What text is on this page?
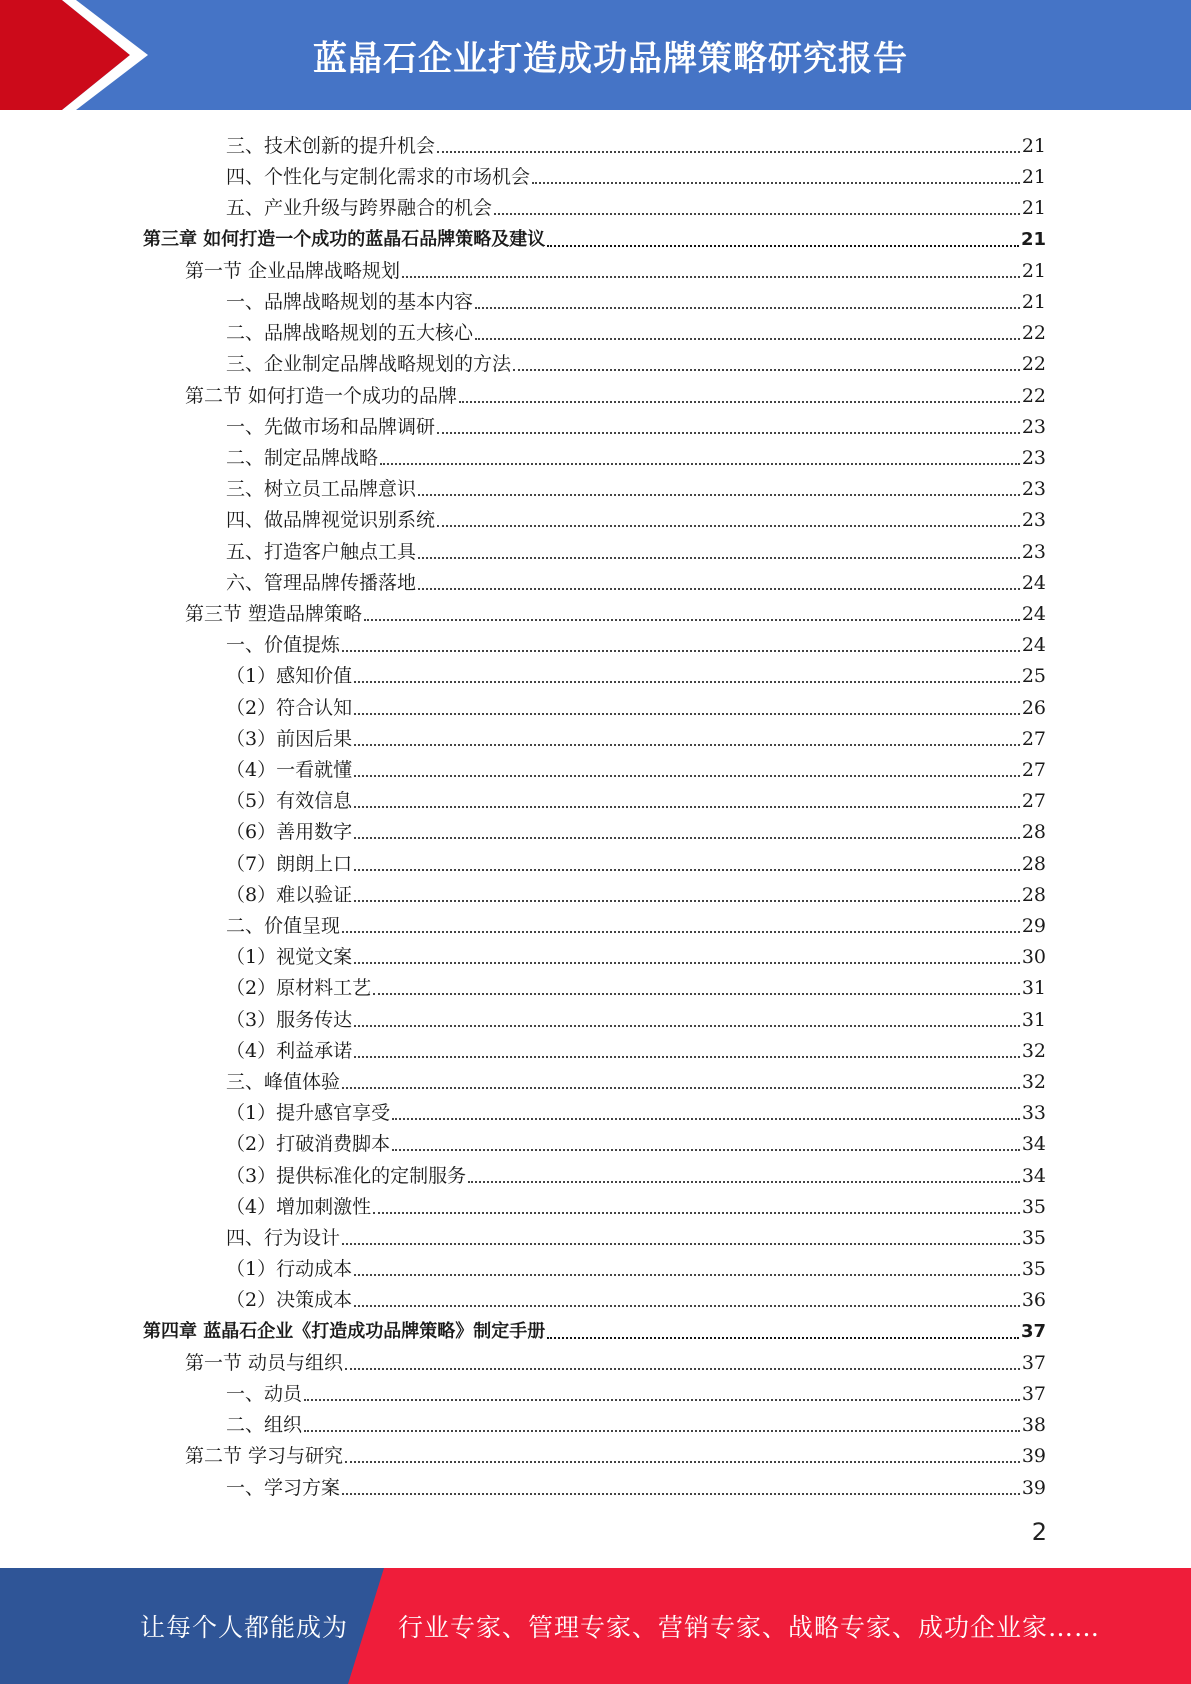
蓝晶石企业打造成功品牌策略研究报告
三、技术创新的提升机会	21
四、个性化与定制化需求的市场机会	21
五、产业升级与跨界融合的机会	21
第三章 如何打造一个成功的蓝晶石品牌策略及建议	21
第一节 企业品牌战略规划	21
一、品牌战略规划的基本内容	21
二、品牌战略规划的五大核心	22
三、企业制定品牌战略规划的方法	22
第二节 如何打造一个成功的品牌	22
一、先做市场和品牌调研	23
二、制定品牌战略	23
三、树立员工品牌意识	23
四、做品牌视觉识别系统	23
五、打造客户触点工具	23
六、管理品牌传播落地	24
第三节 塑造品牌策略	24
一、价值提炼	24
（1）感知价值	25
（2）符合认知	26
（3）前因后果	27
（4）一看就懂	27
（5）有效信息	27
（6）善用数字	28
（7）朗朗上口	28
（8）难以验证	28
二、价值呈现	29
（1）视觉文案	30
（2）原材料工艺	31
（3）服务传达	31
（4）利益承诺	32
三、峰值体验	32
（1）提升感官享受	33
（2）打破消费脚本	34
（3）提供标准化的定制服务	34
（4）增加刺激性	35
四、行为设计	35
（1）行动成本	35
（2）决策成本	36
第四章 蓝晶石企业《打造成功品牌策略》制定手册	37
第一节 动员与组织	37
一、动员	37
二、组织	38
第二节 学习与研究	39
一、学习方案	39
2
让每个人都能成为 行业专家、管理专家、营销专家、战略专家、成功企业家……
